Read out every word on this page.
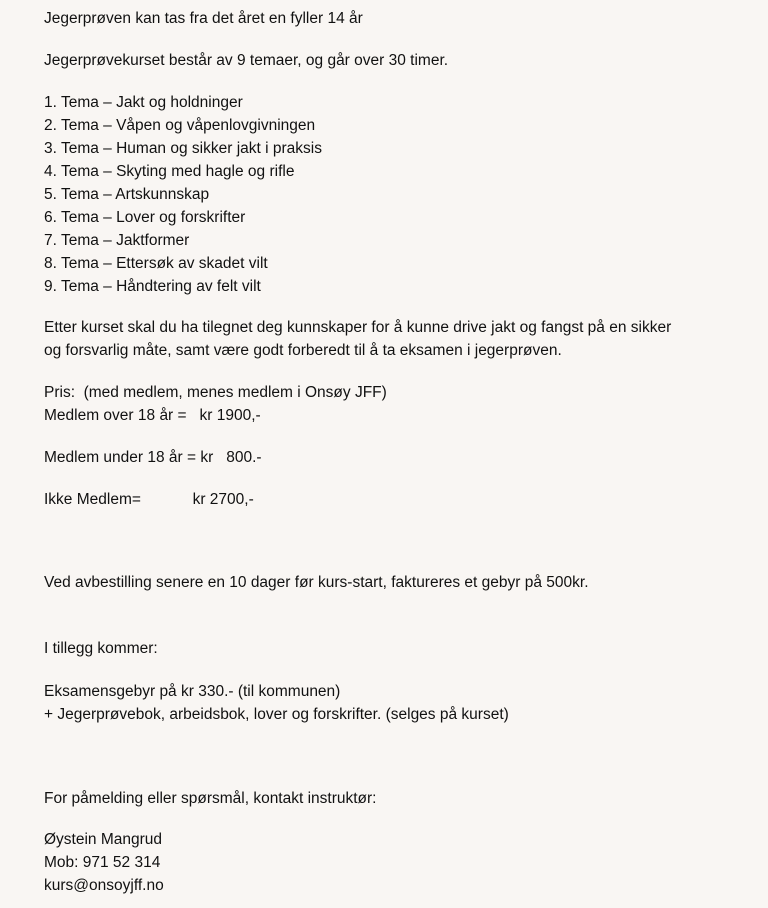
Jegerprøven kan tas fra det året en fyller 14 år
Jegerprøvekurset består av 9 temaer, og går over 30 timer.
1. Tema – Jakt og holdninger
2. Tema – Våpen og våpenlovgivningen
3. Tema – Human og sikker jakt i praksis
4. Tema – Skyting med hagle og rifle
5. Tema – Artskunnskap
6. Tema – Lover og forskrifter
7. Tema – Jaktformer
8. Tema – Ettersøk av skadet vilt
9. Tema – Håndtering av felt vilt
Etter kurset skal du ha tilegnet deg kunnskaper for å kunne drive jakt og fangst på en sikker
og forsvarlig måte, samt være godt forberedt til å ta eksamen i jegerprøven.
Pris:  (med medlem, menes medlem i Onsøy JFF)
Medlem over 18 år =   kr 1900,-
Medlem under 18 år = kr   800.-
Ikke Medlem=            kr 2700,-
Ved avbestilling senere en 10 dager før kurs-start, faktureres et gebyr på 500kr.
I tillegg kommer:
Eksamensgebyr på kr 330.- (til kommunen)
+ Jegerprøvebok, arbeidsbok, lover og forskrifter. (selges på kurset)
For påmelding eller spørsmål, kontakt instruktør:
Øystein Mangrud
Mob: 971 52 314
kurs@onsoyjff.no
